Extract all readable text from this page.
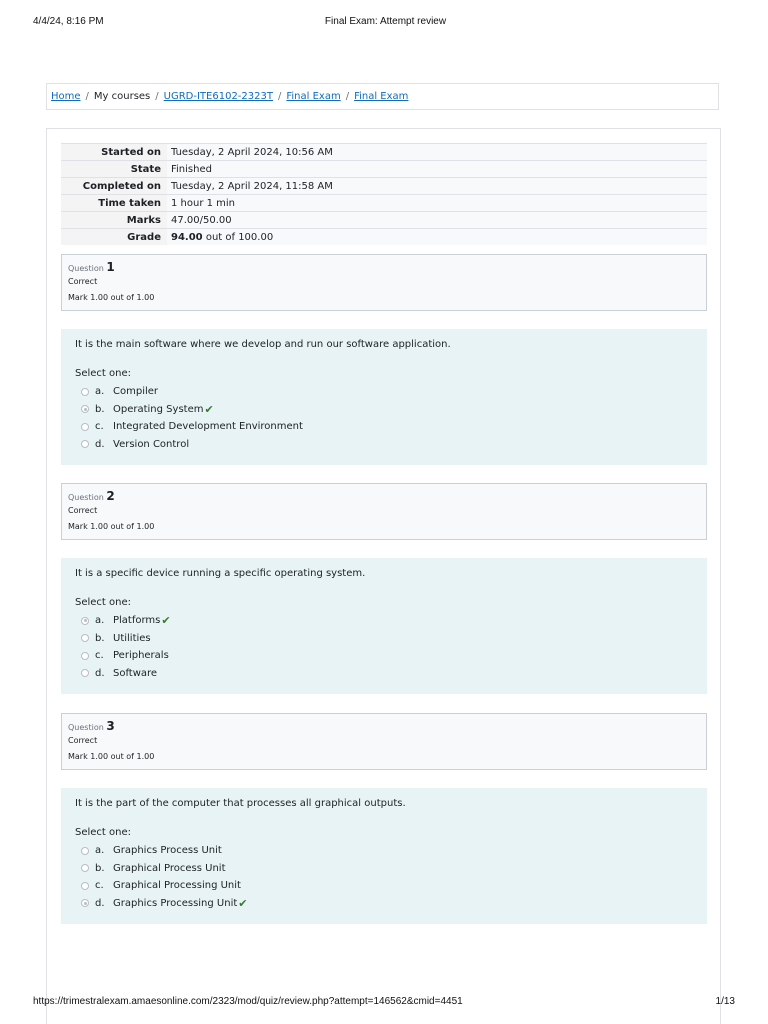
4/4/24, 8:16 PM	Final Exam: Attempt review
Home / My courses / UGRD-ITE6102-2323T / Final Exam / Final Exam
Started on	Tuesday, 2 April 2024, 10:56 AM
State	Finished
Completed on	Tuesday, 2 April 2024, 11:58 AM
Time taken	1 hour 1 min
Marks	47.00/50.00
Grade	94.00 out of 100.00
Question 1
Correct
Mark 1.00 out of 1.00

It is the main software where we develop and run our software application.

Select one:
a. Compiler
b. Operating System ✔
c. Integrated Development Environment
d. Version Control
Question 2
Correct
Mark 1.00 out of 1.00

It is a specific device running a specific operating system.

Select one:
a. Platforms ✔
b. Utilities
c. Peripherals
d. Software
Question 3
Correct
Mark 1.00 out of 1.00

It is the part of the computer that processes all graphical outputs.

Select one:
a. Graphics Process Unit
b. Graphical Process Unit
c. Graphical Processing Unit
d. Graphics Processing Unit ✔
https://trimestralexam.amaesonline.com/2323/mod/quiz/review.php?attempt=146562&cmid=4451	1/13
